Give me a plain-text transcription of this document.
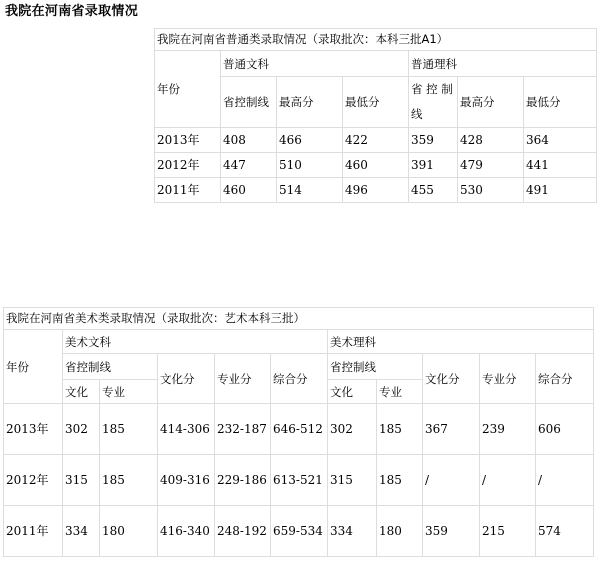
我院在河南省录取情况
我院在河南省普通类录取情况（录取批次：本科三批A1）						
年份	普通文科			普通理科		
	省控制线	最高分	最低分	省 控 制 线	最高分	最低分
2013年	408	466	422	359	428	364
2012年	447	510	460	391	479	441
2011年	460	514	496	455	530	491
我院在河南省美术类录取情况（录取批次：艺术本科三批）										
年份	美术文科					美术理科				
	省控制线		文化分	专业分	综合分	省控制线		文化分	专业分	综合分
	文化	专业				文化	专业			
2013年	302	185	414-306	232-187	646-512	302	185	367	239	606
2012年	315	185	409-316	229-186	613-521	315	185	/	/	/
2011年	334	180	416-340	248-192	659-534	334	180	359	215	574
